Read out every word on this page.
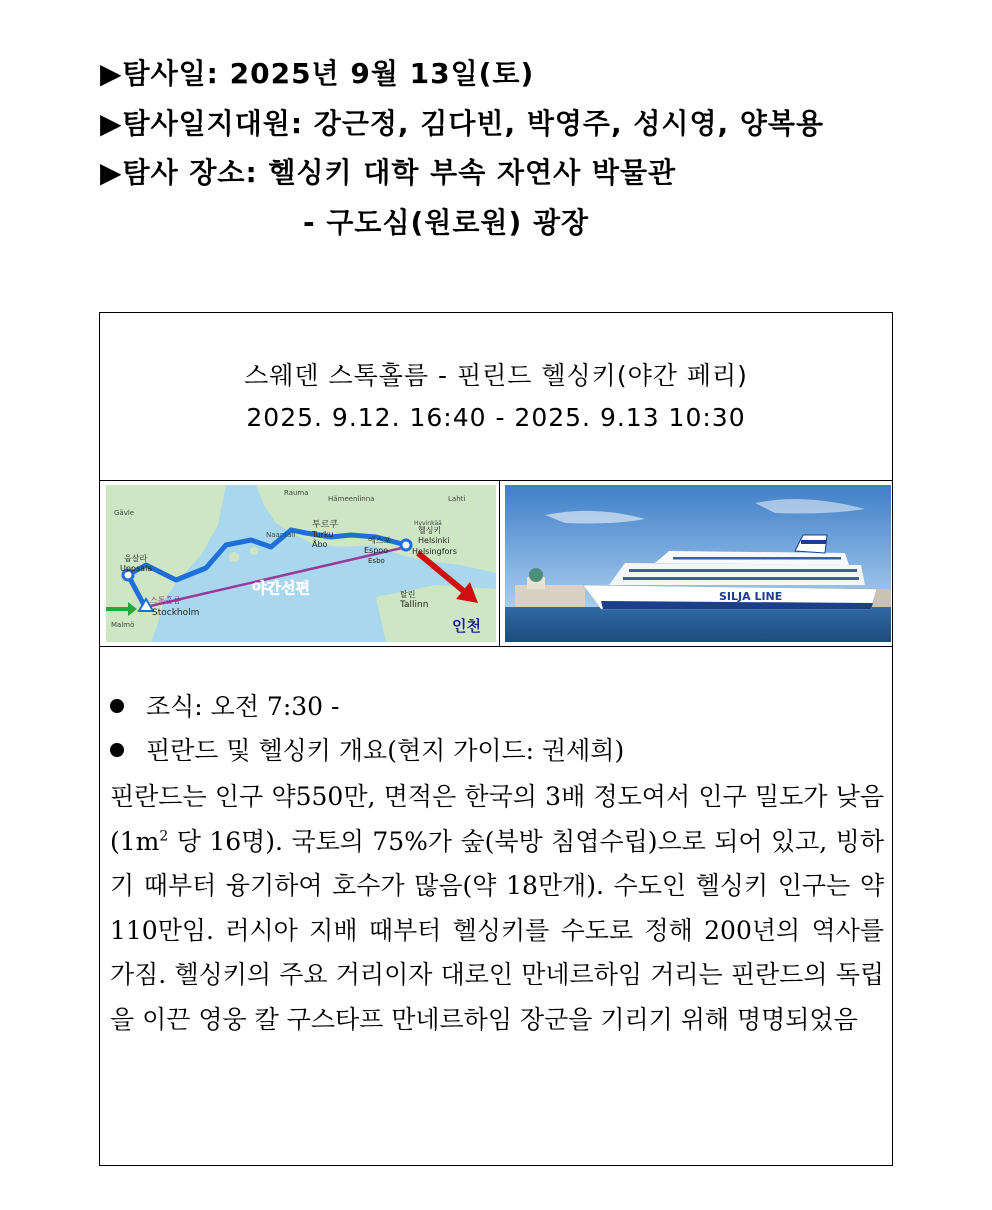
▶탐사일: 2025년 9월 13일(토)
▶탐사일지대원: 강근정, 김다빈, 박영주, 성시영, 양복용
▶탐사 장소: 헬싱키 대학 부속 자연사 박물관
- 구도심(원로원) 광장
스웨덴 스톡홀름 - 핀린드 헬싱키(야간 페리)
2025. 9.12. 16:40 - 2025. 9.13 10:30
Rauma
Hämeenlinna	Lahti
Hyvinkää
Naantali
Gävle
투르쿠
Turku
Åbo	에스포
Espoo
Esbo
헬싱키
Helsinki
Helsingfors
웁살라
Uppsala
스톡홀름
Stockholm
Malmö
탈린
Tallinn
야간선편
인천
SILJA LINE
조식: 오전 7:30 -
핀란드 및 헬싱키 개요(현지 가이드: 권세희)
핀란드는 인구 약550만, 면적은 한국의 3배 정도여서 인구 밀도가 낮음($1m^2$ 당 16명). 국토의 75%가 숲(북방 침엽수립)으로 되어 있고, 빙하기 때부터 융기하여 호수가 많음(약 18만개). 수도인 헬싱키 인구는 약 110만임. 러시아 지배 때부터 헬싱키를 수도로 정해 200년의 역사를 가짐. 헬싱키의 주요 거리이자 대로인 만네르하임 거리는 핀란드의 독립을 이끈 영웅 칼 구스타프 만네르하임 장군을 기리기 위해 명명되었음
